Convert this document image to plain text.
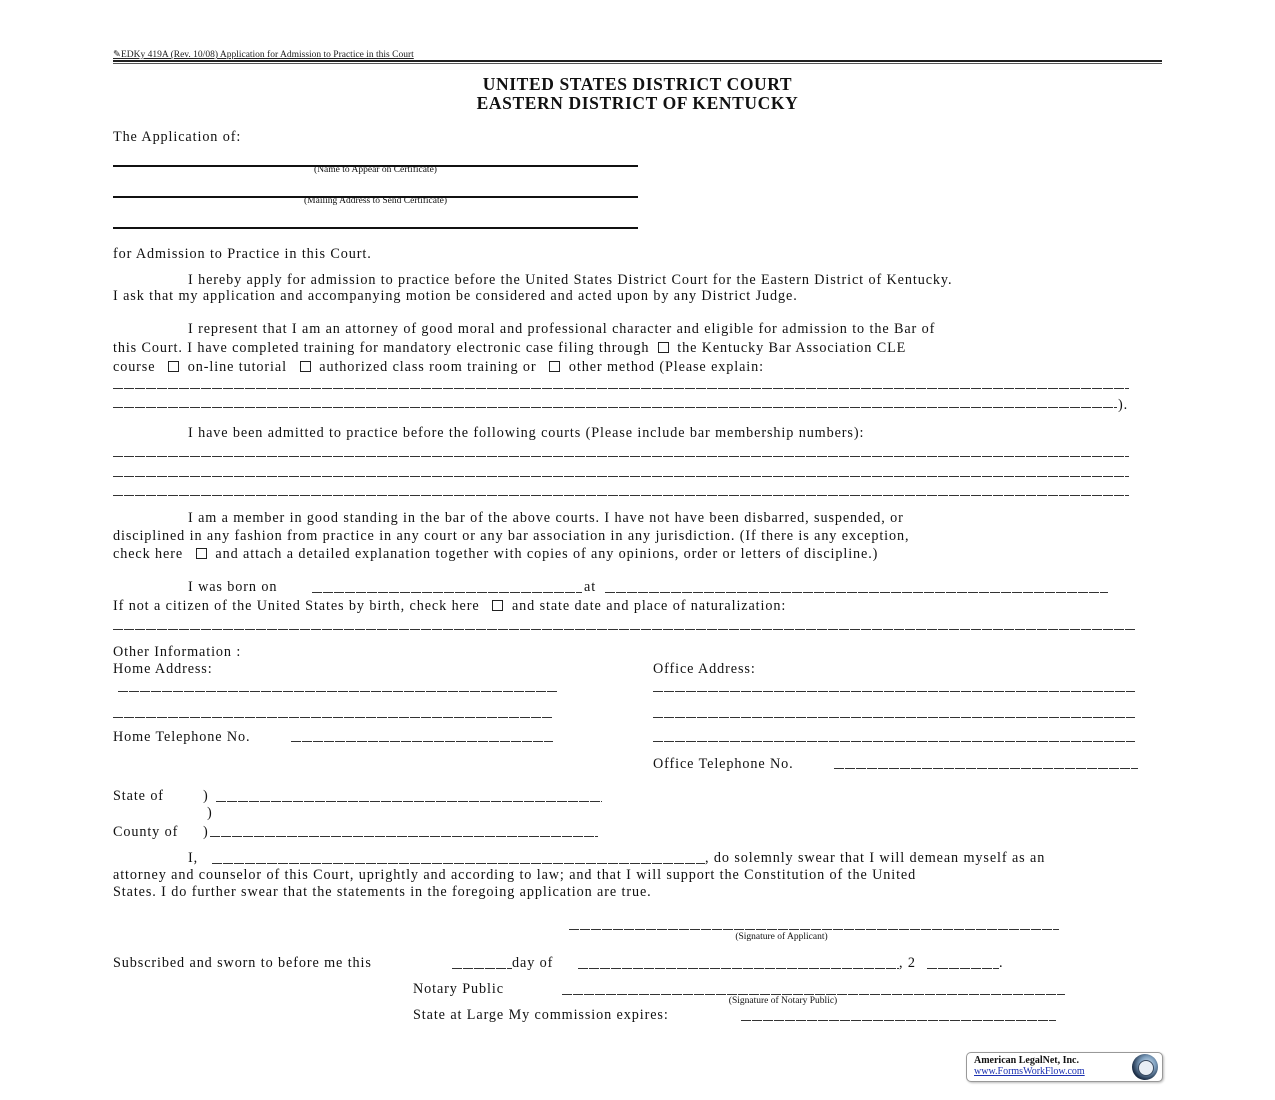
✎EDKy 419A (Rev. 10/08) Application for Admission to Practice in this Court
UNITED STATES DISTRICT COURT
EASTERN DISTRICT OF KENTUCKY
The Application of:
(Name to Appear on Certificate)
(Mailing Address to Send Certificate)
for Admission to Practice in this Court.
I hereby apply for admission to practice before the United States District Court for the Eastern District of Kentucky.
I ask that my application and accompanying motion be considered and acted upon by any District Judge.
I represent that I am an attorney of good moral and professional character and eligible for admission to the Bar of
this Court. I have completed training for mandatory electronic case filing through the Kentucky Bar Association CLE
course on-line tutorial authorized class room training or other method (Please explain:
).
I have been admitted to practice before the following courts (Please include bar membership numbers):
I am a member in good standing in the bar of the above courts. I have not have been disbarred, suspended, or
disciplined in any fashion from practice in any court or any bar association in any jurisdiction. (If there is any exception,
check here and attach a detailed explanation together with copies of any opinions, order or letters of discipline.)
I was born on	at
If not a citizen of the United States by birth, check here and state date and place of naturalization:
Other Information :
Home Address:	Office Address:
Home Telephone No.
Office Telephone No.
State of	)
)
County of )
I,	, do solemnly swear that I will demean myself as an
attorney and counselor of this Court, uprightly and according to law; and that I will support the Constitution of the United
States. I do further swear that the statements in the foregoing application are true.
(Signature of Applicant)
Subscribed and sworn to before me this	day of	, 2	.
Notary Public
(Signature of Notary Public)
State at Large My commission expires:
American LegalNet, Inc.
www.FormsWorkFlow.com
